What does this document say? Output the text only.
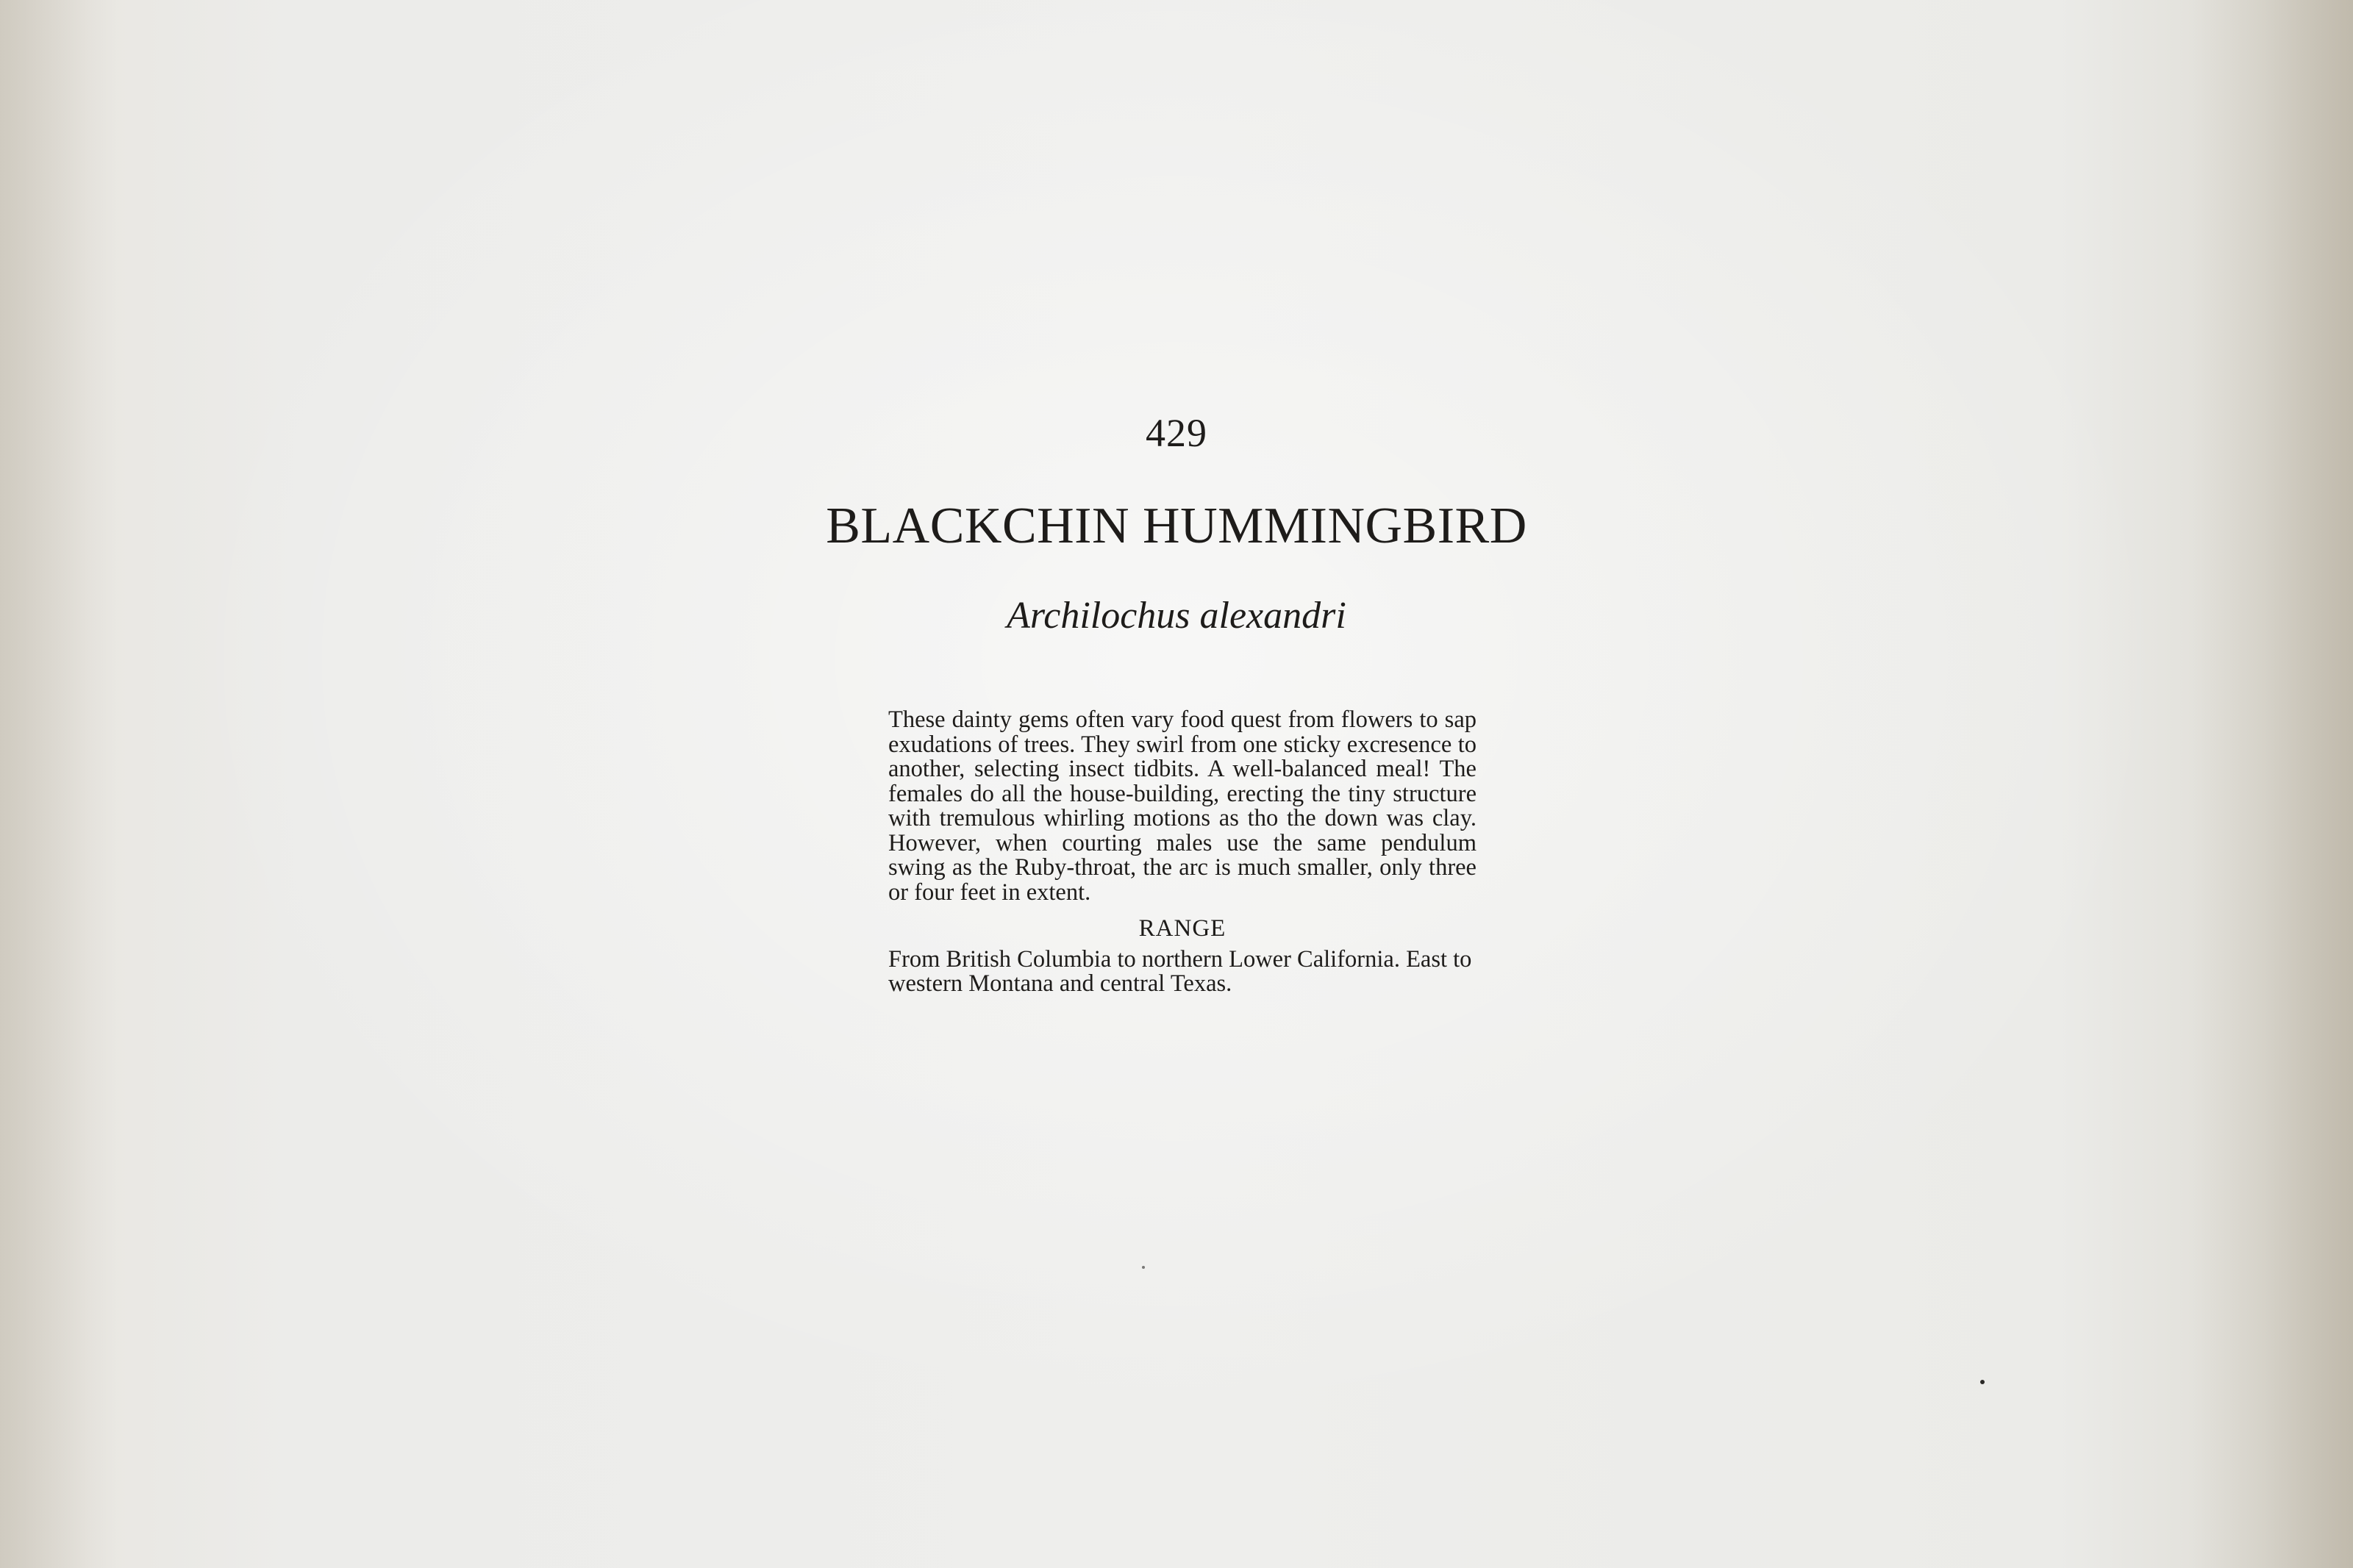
429
BLACKCHIN HUMMINGBIRD
Archilochus alexandri

These dainty gems often vary food quest from flowers to sap exudations of trees. They swirl from one sticky excresence to another, selecting insect tidbits. A well-balanced meal! The females do all the house-building, erecting the tiny structure with tremulous whirling motions as tho the down was clay. However, when courting males use the same pendulum swing as the Ruby-throat, the arc is much smaller, only three or four feet in extent.

RANGE

From British Columbia to northern Lower California. East to western Montana and central Texas.
